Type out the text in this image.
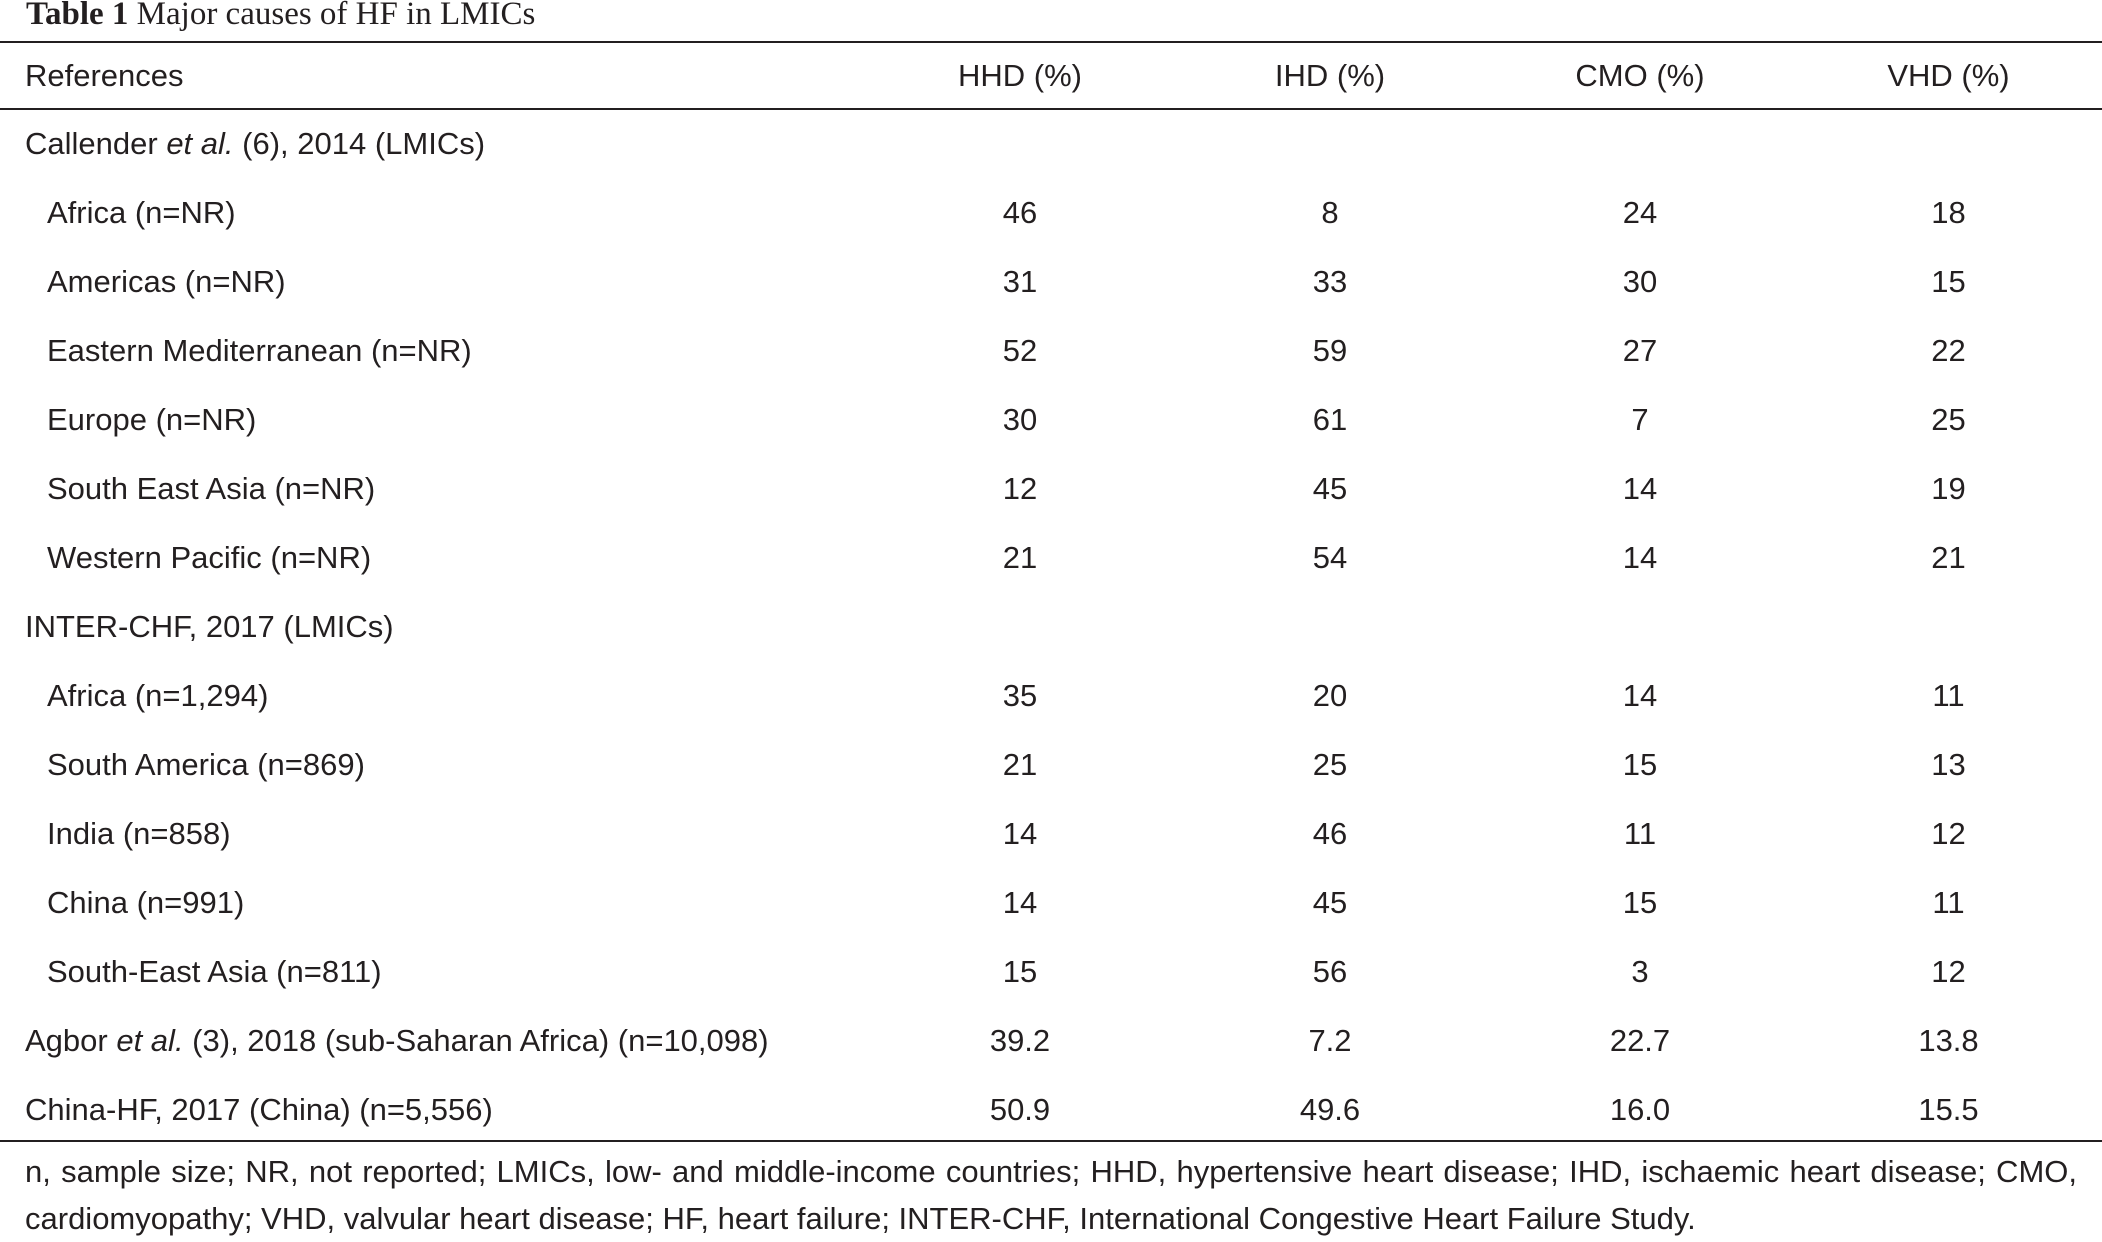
Table 1 Major causes of HF in LMICs
References	HHD (%)	IHD (%)	CMO (%)	VHD (%)
Callender et al. (6), 2014 (LMICs)				
Africa (n=NR)	46	8	24	18
Americas (n=NR)	31	33	30	15
Eastern Mediterranean (n=NR)	52	59	27	22
Europe (n=NR)	30	61	7	25
South East Asia (n=NR)	12	45	14	19
Western Pacific (n=NR)	21	54	14	21
INTER-CHF, 2017 (LMICs)				
Africa (n=1,294)	35	20	14	11
South America (n=869)	21	25	15	13
India (n=858)	14	46	11	12
China (n=991)	14	45	15	11
South-East Asia (n=811)	15	56	3	12
Agbor et al. (3), 2018 (sub-Saharan Africa) (n=10,098)	39.2	7.2	22.7	13.8
China-HF, 2017 (China) (n=5,556)	50.9	49.6	16.0	15.5
n, sample size; NR, not reported; LMICs, low- and middle-income countries; HHD, hypertensive heart disease; IHD, ischaemic heart disease; CMO, cardiomyopathy; VHD, valvular heart disease; HF, heart failure; INTER-CHF, International Congestive Heart Failure Study.
